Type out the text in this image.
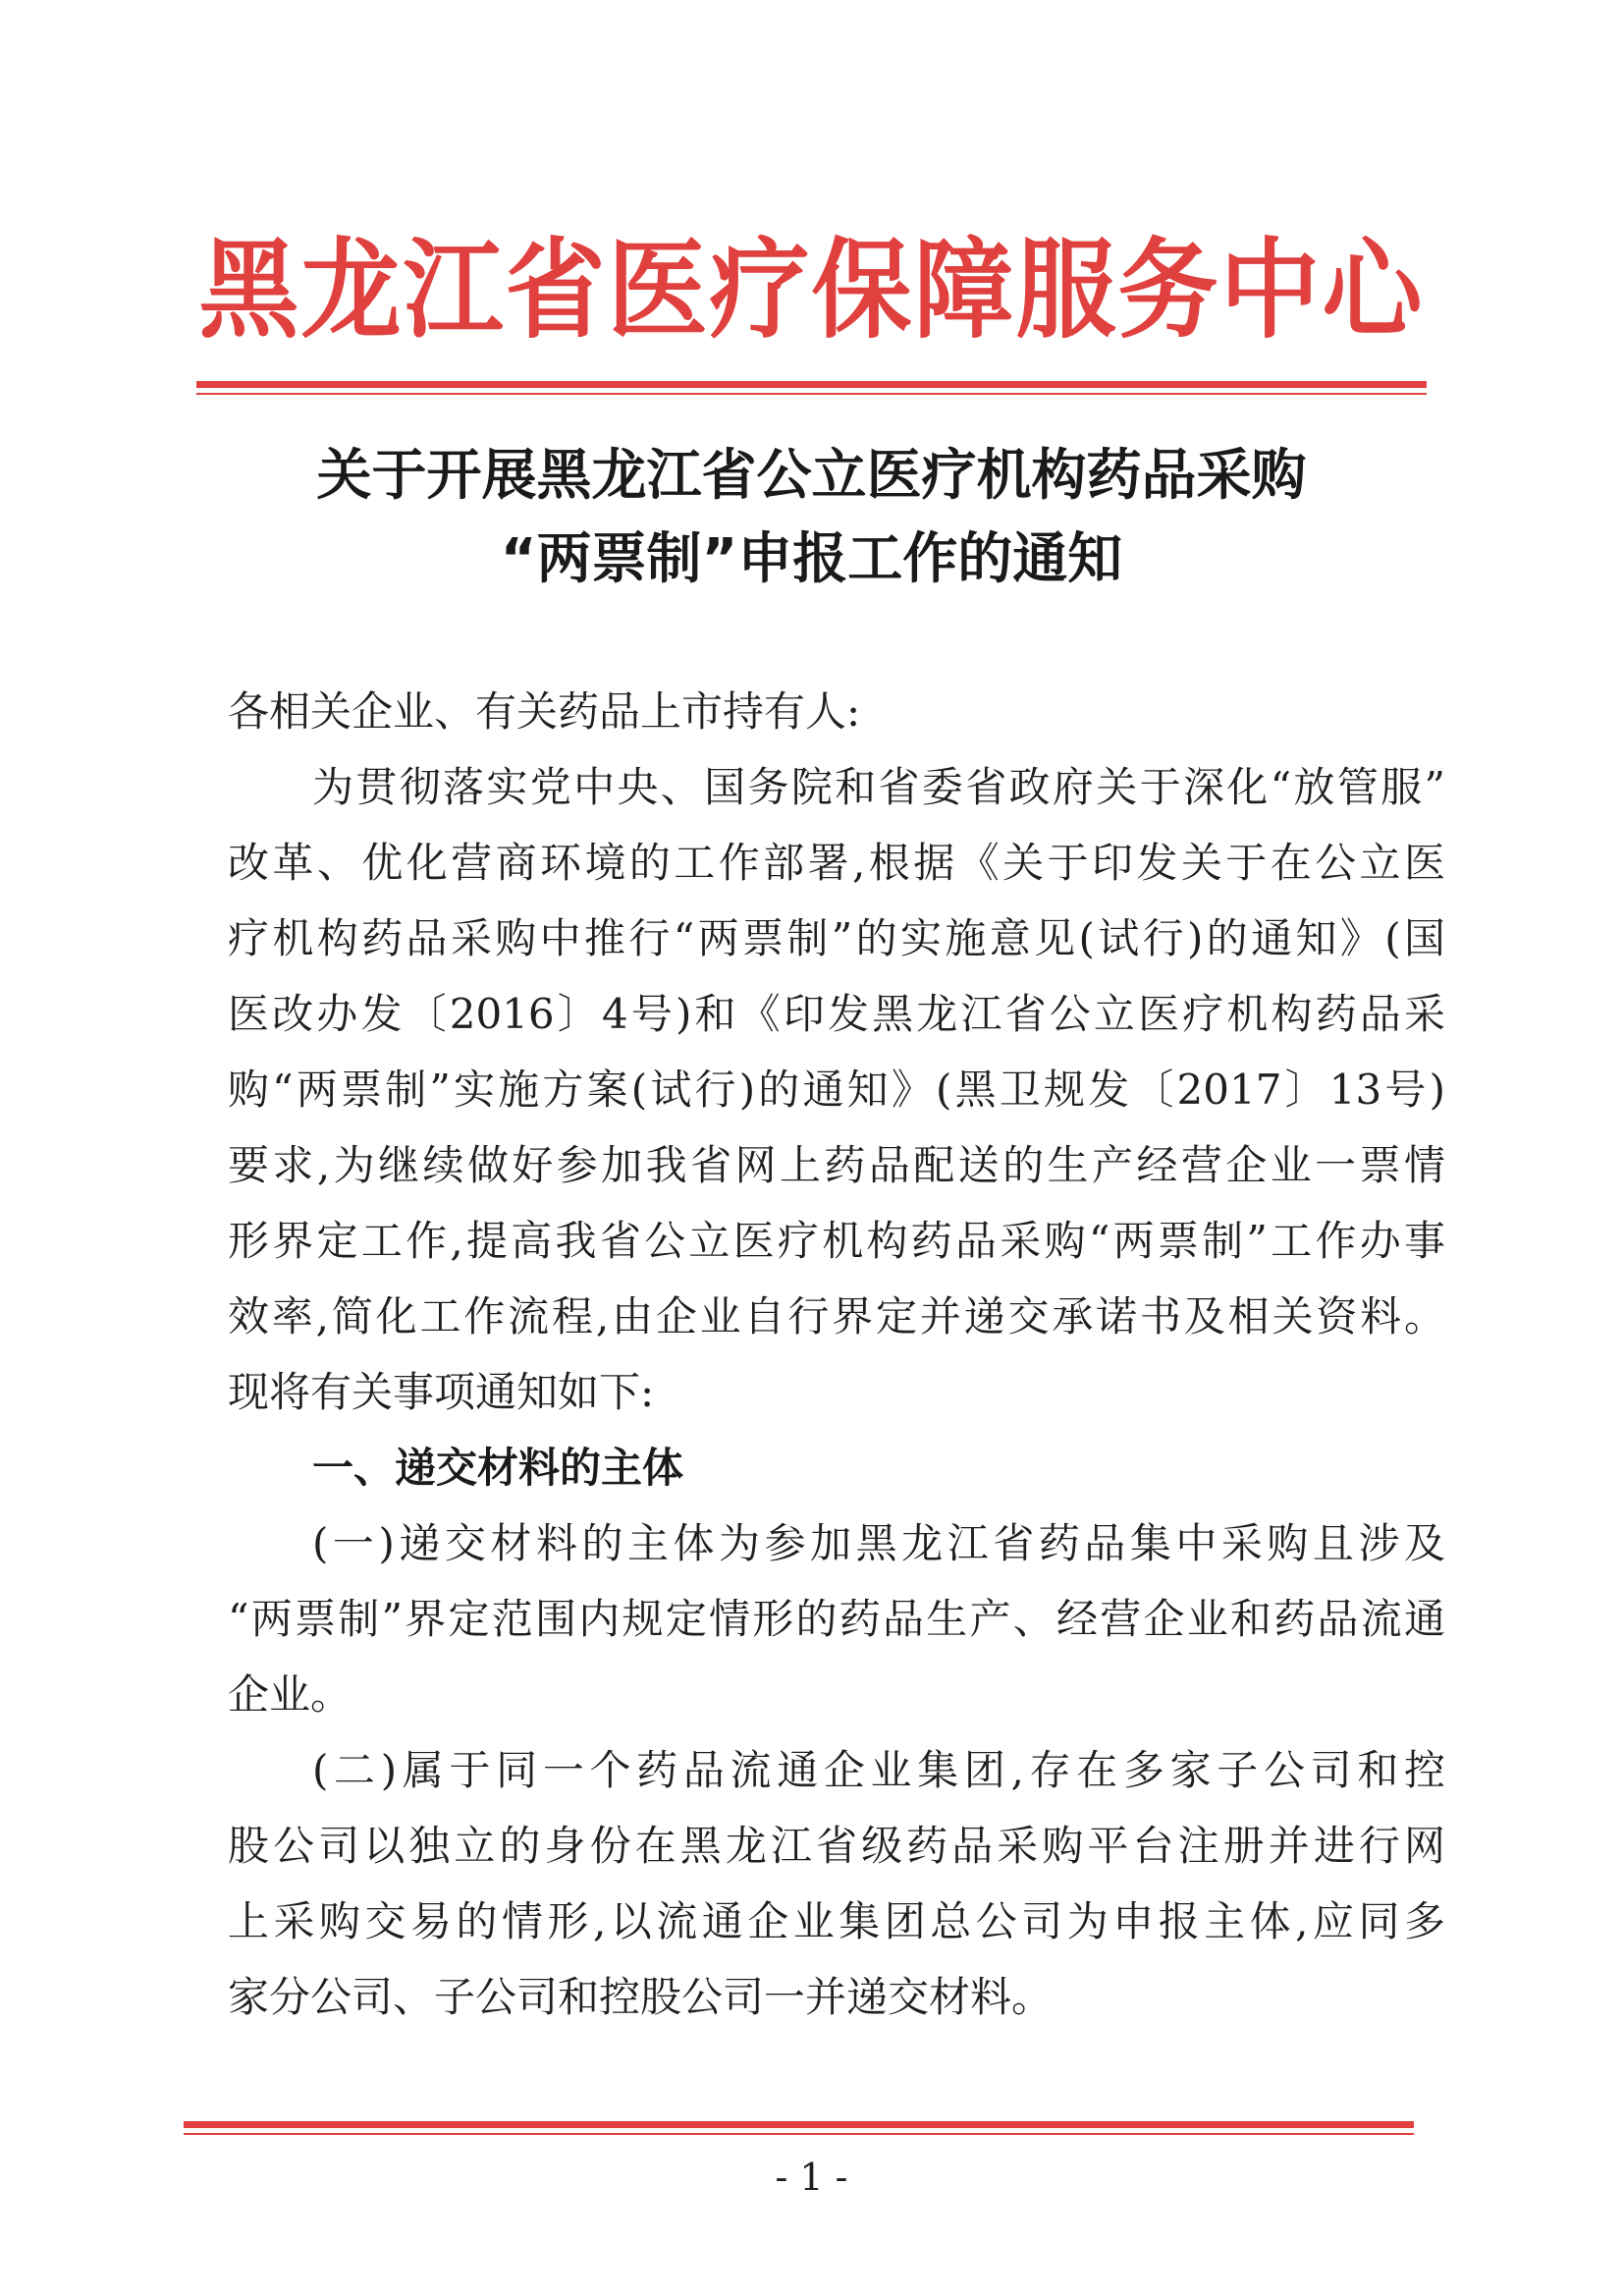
黑龙江省医疗保障服务中心
关于开展黑龙江省公立医疗机构药品采购
“两票制”申报工作的通知
各相关企业、有关药品上市持有人:
为贯彻落实党中央、国务院和省委省政府关于深化“放管服”
改革、优化营商环境的工作部署,根据《关于印发关于在公立医
疗机构药品采购中推行“两票制”的实施意见(试行)的通知》(国
医改办发〔2016〕4号)和《印发黑龙江省公立医疗机构药品采
购“两票制”实施方案(试行)的通知》(黑卫规发〔2017〕13号)
要求,为继续做好参加我省网上药品配送的生产经营企业一票情
形界定工作,提高我省公立医疗机构药品采购“两票制”工作办事
效率,简化工作流程,由企业自行界定并递交承诺书及相关资料。
现将有关事项通知如下:
一、递交材料的主体
(一)递交材料的主体为参加黑龙江省药品集中采购且涉及
“两票制”界定范围内规定情形的药品生产、经营企业和药品流通
企业。
(二)属于同一个药品流通企业集团,存在多家子公司和控
股公司以独立的身份在黑龙江省级药品采购平台注册并进行网
上采购交易的情形,以流通企业集团总公司为申报主体,应同多
家分公司、子公司和控股公司一并递交材料。
- 1 -
